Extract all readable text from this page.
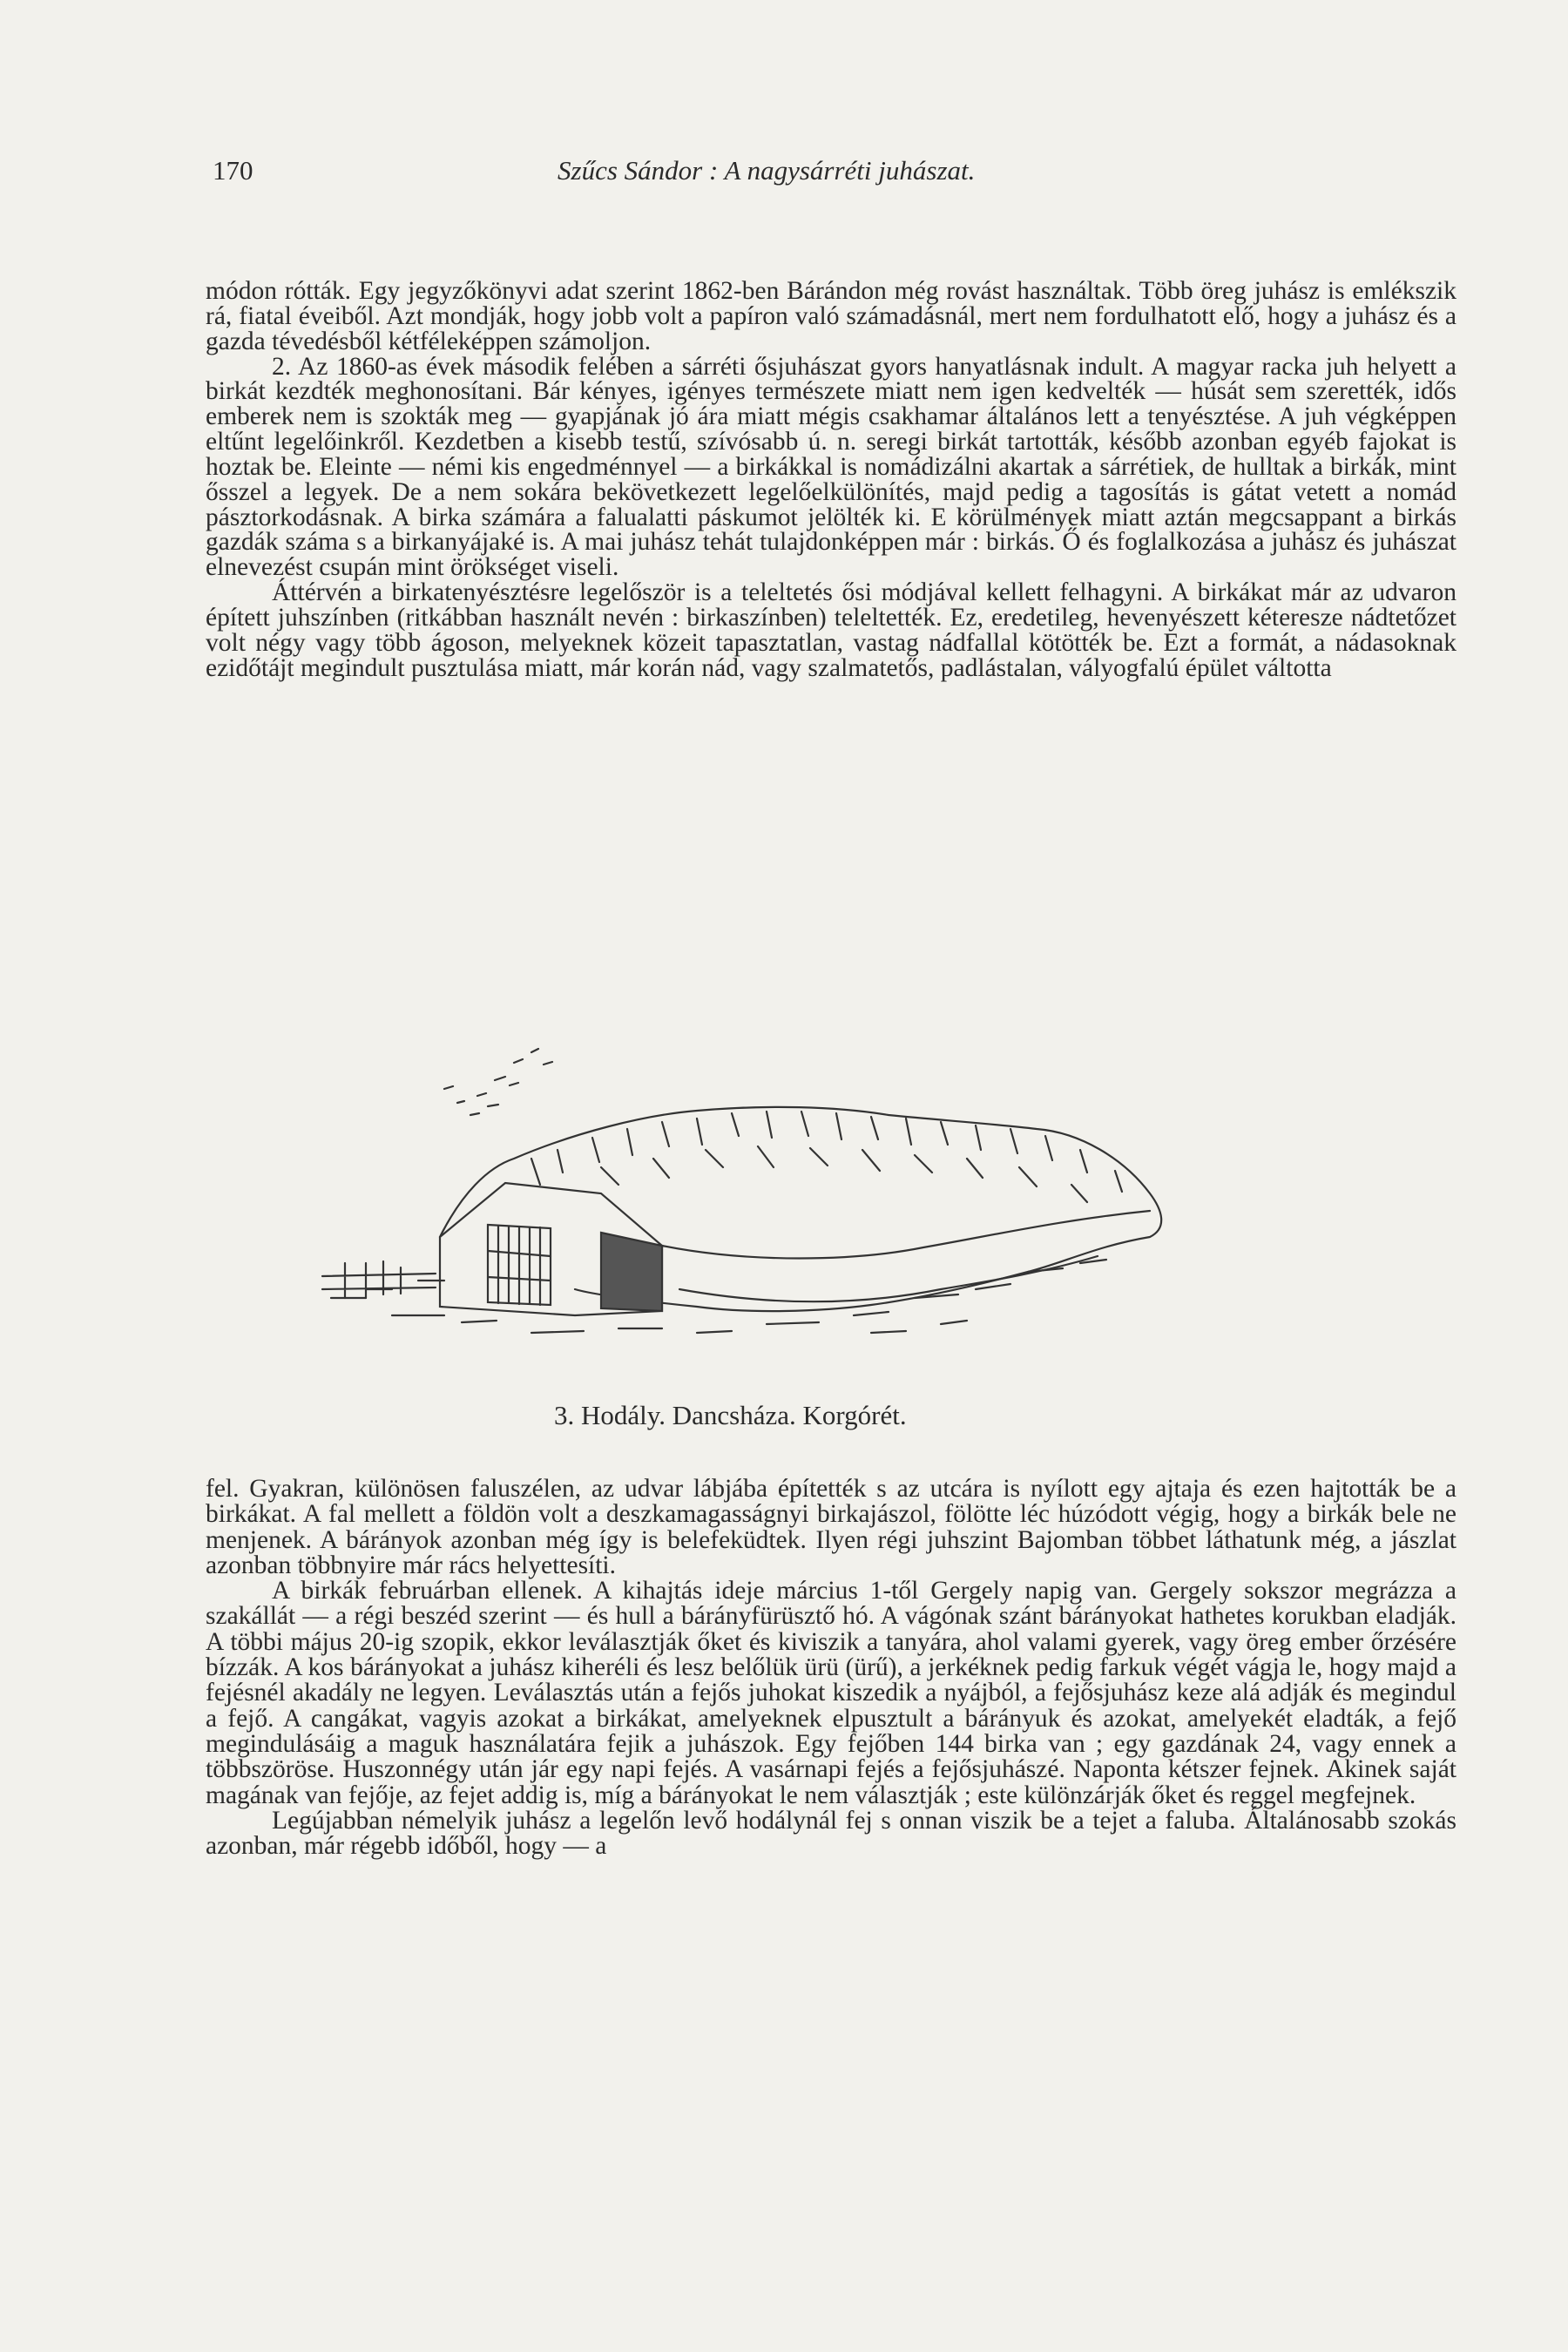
170	Szűcs Sándor : A nagysárréti juhászat.

módon rótták. Egy jegyzőkönyvi adat szerint 1862-ben Bárándon még rovást használtak. Több öreg juhász is emlékszik rá, fiatal éveiből. Azt mondják, hogy jobb volt a papíron való számadásnál, mert nem fordulhatott elő, hogy a juhász és a gazda tévedésből kétféleképpen számoljon.

2. Az 1860-as évek második felében a sárréti ősjuhászat gyors hanyatlásnak indult. A magyar racka juh helyett a birkát kezdték meghonosítani. Bár kényes, igényes természete miatt nem igen kedvelték — húsát sem szerették, idős emberek nem is szokták meg — gyapjának jó ára miatt mégis csakhamar általános lett a tenyésztése. A juh végképpen eltűnt legelőinkről. Kezdetben a kisebb testű, szívósabb ú. n. seregi birkát tartották, később azonban egyéb fajokat is hoztak be. Eleinte — némi kis engedménnyel — a birkákkal is nomádizálni akartak a sárrétiek, de hulltak a birkák, mint ősszel a legyek. De a nem sokára bekövetkezett legelőelkülönítés, majd pedig a tagosítás is gátat vetett a nomád pásztorkodásnak. A birka számára a falualatti páskumot jelölték ki. E körülmények miatt aztán megcsappant a birkás gazdák száma s a birkanyájaké is. A mai juhász tehát tulajdonképpen már : birkás. Ő és foglalkozása a juhász és juhászat elnevezést csupán mint örökséget viseli.

Áttérvén a birkatenyésztésre legelőször is a teleltetés ősi módjával kellett felhagyni. A birkákat már az udvaron épített juhszínben (ritkábban használt nevén : birkaszínben) teleltették. Ez, eredetileg, hevenyészett kéteresze nádtetőzet volt négy vagy több ágoson, melyeknek közeit tapasztatlan, vastag nádfallal kötötték be. Ezt a formát, a nádasoknak ezidőtájt megindult pusztulása miatt, már korán nád, vagy szalmatetős, padlástalan, vályogfalú épület váltotta

3. Hodály. Dancsháza. Korgórét.

fel. Gyakran, különösen faluszélen, az udvar lábjába építették s az utcára is nyílott egy ajtaja és ezen hajtották be a birkákat. A fal mellett a földön volt a deszkamagasságnyi birkajászol, fölötte léc húzódott végig, hogy a birkák bele ne menjenek. A bárányok azonban még így is belefeküdtek. Ilyen régi juhszint Bajomban többet láthatunk még, a jászlat azonban többnyire már rács helyettesíti.

A birkák februárban ellenek. A kihajtás ideje március 1-től Gergely napig van. Gergely sokszor megrázza a szakállát — a régi beszéd szerint — és hull a bárányfürüsztő hó. A vágónak szánt bárányokat hathetes korukban eladják. A többi május 20-ig szopik, ekkor leválasztják őket és kiviszik a tanyára, ahol valami gyerek, vagy öreg ember őrzésére bízzák. A kos bárányokat a juhász kiheréli és lesz belőlük ürü (ürű), a jerkéknek pedig farkuk végét vágja le, hogy majd a fejésnél akadály ne legyen. Leválasztás után a fejős juhokat kiszedik a nyájból, a fejősjuhász keze alá adják és megindul a fejő. A cangákat, vagyis azokat a birkákat, amelyeknek elpusztult a bárányuk és azokat, amelyekét eladták, a fejő megindulásáig a maguk használatára fejik a juhászok. Egy fejőben 144 birka van ; egy gazdának 24, vagy ennek a többszöröse. Huszonnégy után jár egy napi fejés. A vasárnapi fejés a fejősjuhászé. Naponta kétszer fejnek. Akinek saját magának van fejője, az fejet addig is, míg a bárányokat le nem választják ; este különzárják őket és reggel megfejnek.

Legújabban némelyik juhász a legelőn levő hodálynál fej s onnan viszik be a tejet a faluba. Általánosabb szokás azonban, már régebb időből, hogy — a
